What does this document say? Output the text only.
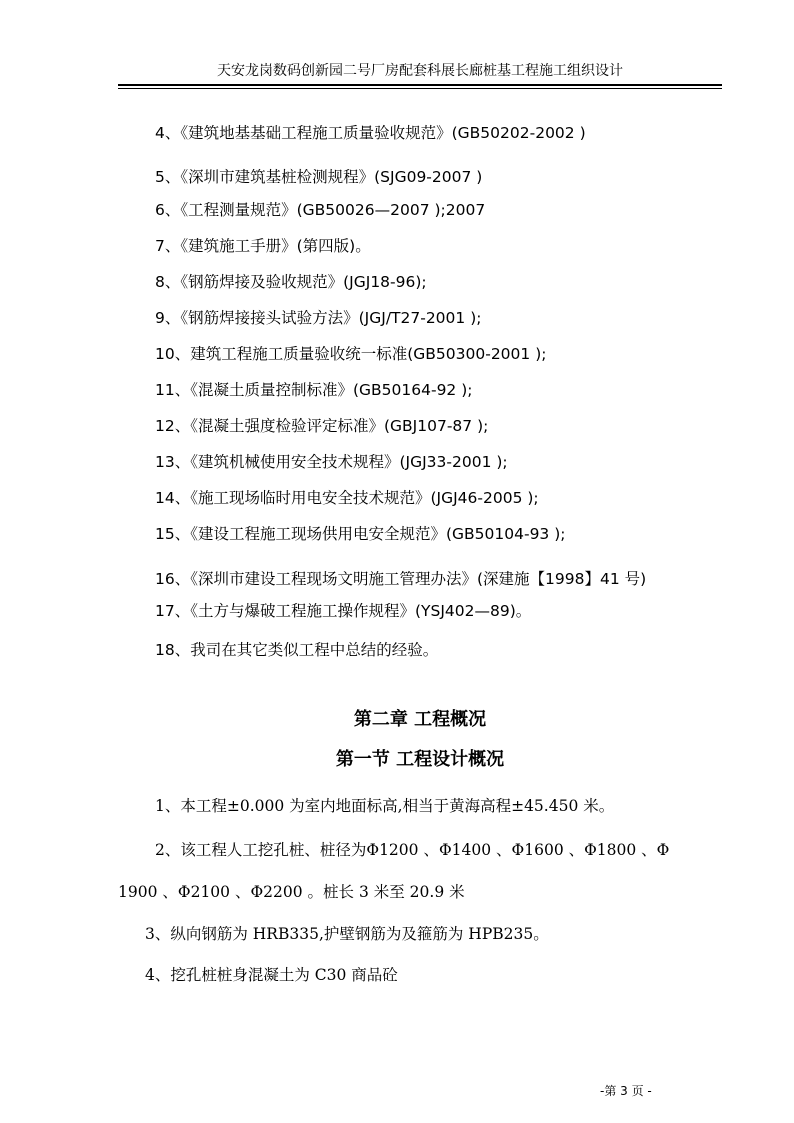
天安龙岗数码创新园二号厂房配套科展长廊桩基工程施工组织设计
4、《建筑地基基础工程施工质量验收规范》(GB50202-2002 )
5、《深圳市建筑基桩检测规程》(SJG09-2007 )
6、《工程测量规范》(GB50026—2007 );2007
7、《建筑施工手册》(第四版)。
8、《钢筋焊接及验收规范》(JGJ18-96);
9、《钢筋焊接接头试验方法》(JGJ/T27-2001 );
10、建筑工程施工质量验收统一标准(GB50300-2001 );
11、《混凝土质量控制标准》(GB50164-92 );
12、《混凝土强度检验评定标准》(GBJ107-87 );
13、《建筑机械使用安全技术规程》(JGJ33-2001 );
14、《施工现场临时用电安全技术规范》(JGJ46-2005 );
15、《建设工程施工现场供用电安全规范》(GB50104-93 );
16、《深圳市建设工程现场文明施工管理办法》(深建施【1998】41 号)
17、《土方与爆破工程施工操作规程》(YSJ402—89)。
18、我司在其它类似工程中总结的经验。
第二章 工程概况
第一节 工程设计概况
1、本工程±0.000 为室内地面标高,相当于黄海高程±45.450 米。
2、该工程人工挖孔桩、桩径为Φ1200 、Φ1400 、Φ1600 、Φ1800 、Φ
1900 、Φ2100 、Φ2200 。桩长 3 米至 20.9 米
3、纵向钢筋为 HRB335,护壁钢筋为及箍筋为 HPB235。
4、挖孔桩桩身混凝土为 C30 商品砼
-第 3 页 -
